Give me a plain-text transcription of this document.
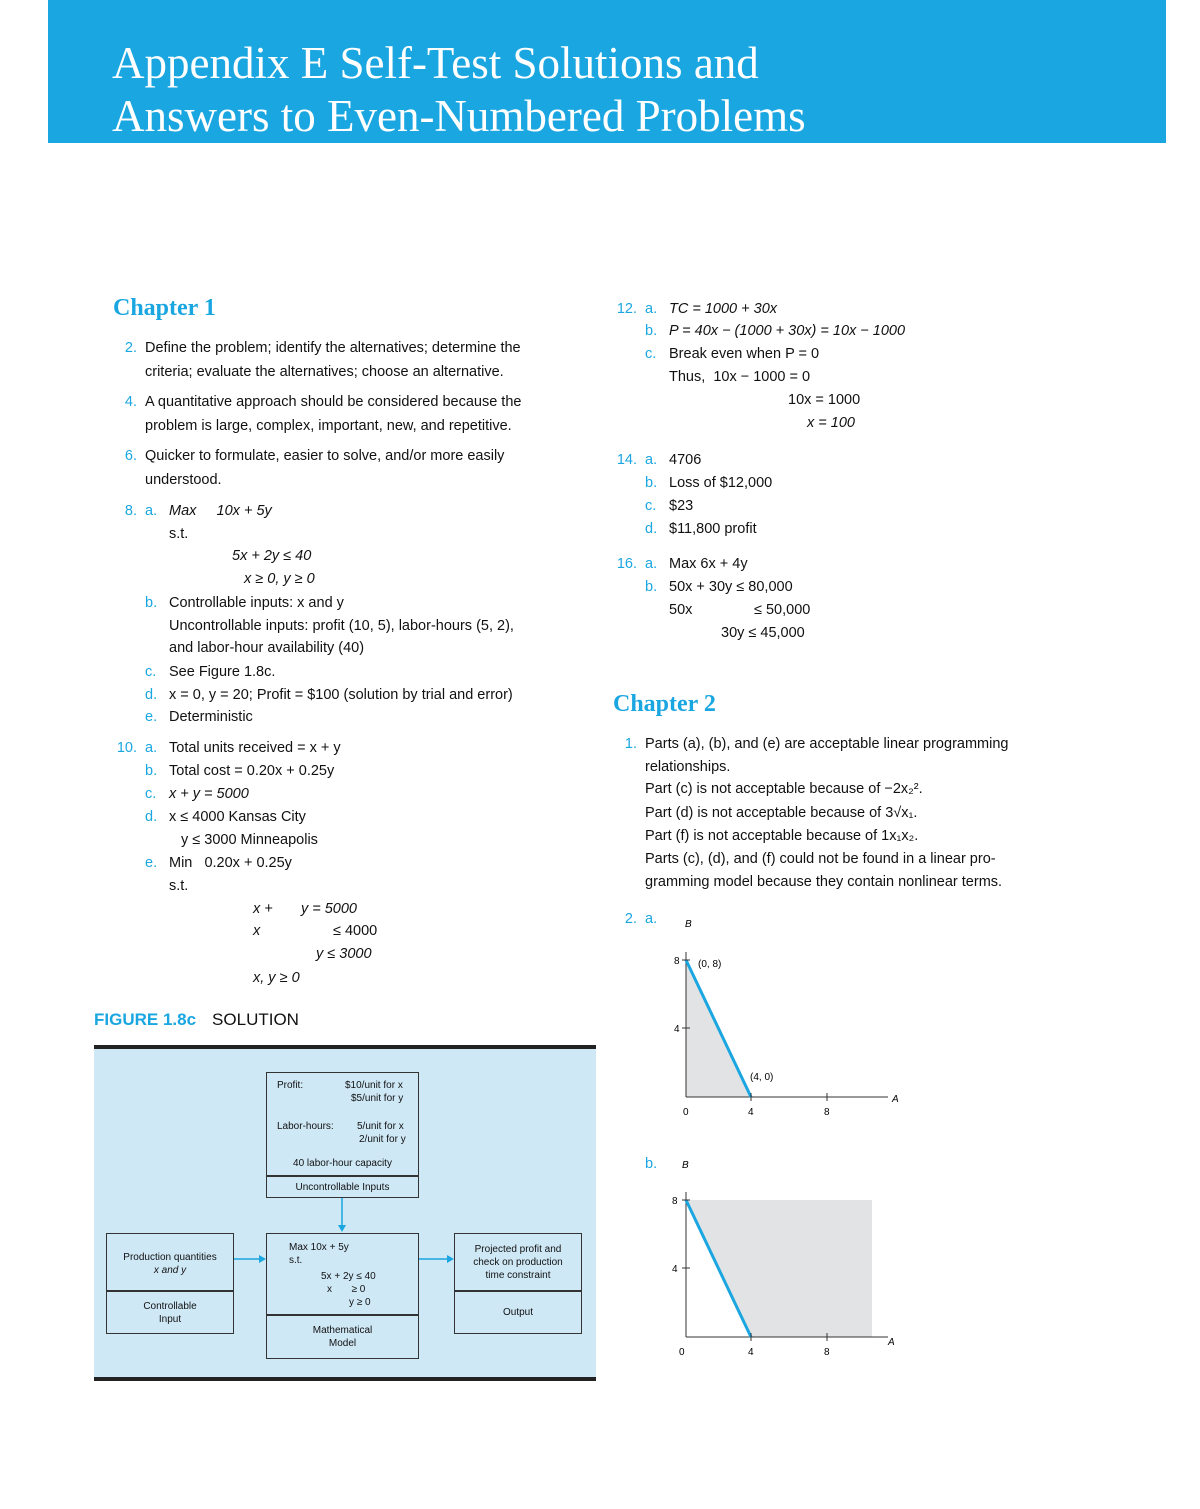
Appendix E Self-Test Solutions and
Answers to Even-Numbered Problems
Chapter 1
2. Define the problem; identify the alternatives; determine the
criteria; evaluate the alternatives; choose an alternative.
4. A quantitative approach should be considered because the
problem is large, complex, important, new, and repetitive.
6. Quicker to formulate, easier to solve, and/or more easily
understood.
8. a. Max     10x + 5y
s.t.
5x + 2y ≤ 40
x ≥ 0, y ≥ 0
b. Controllable inputs: x and y
Uncontrollable inputs: profit (10, 5), labor-hours (5, 2),
and labor-hour availability (40)
c. See Figure 1.8c.
d. x = 0, y = 20; Profit = $100 (solution by trial and error)
e. Deterministic
10. a. Total units received = x + y
b. Total cost = 0.20x + 0.25y
c. x + y = 5000
d. x ≤ 4000 Kansas City
y ≤ 3000 Minneapolis
e. Min   0.20x + 0.25y
s.t.
x +       y = 5000
x	≤ 4000
y ≤ 3000
x, y ≥ 0
FIGURE 1.8c SOLUTION
Profit:	$10/unit for x
$5/unit for y
Labor-hours: 5/unit for x
2/unit for y
40 labor-hour capacity
Uncontrollable Inputs
Production quantities
x and y
Controllable
Input
Max 10x + 5y
s.t.
5x + 2y ≤ 40
x       ≥ 0
y ≥ 0
Mathematical
Model
Projected profit and
check on production
time constraint
Output
12. a. TC = 1000 + 30x
b. P = 40x − (1000 + 30x) = 10x − 1000
c. Break even when P = 0
Thus,  10x − 1000 = 0
10x = 1000
x = 100
14. a. 4706
b. Loss of $12,000
c. $23
d. $11,800 profit
16. a. Max 6x + 4y
b. 50x + 30y ≤ 80,000
50x	≤ 50,000
30y ≤ 45,000
Chapter 2
1. Parts (a), (b), and (e) are acceptable linear programming
relationships.
Part (c) is not acceptable because of −2x₂².
Part (d) is not acceptable because of 3√x₁.
Part (f) is not acceptable because of 1x₁x₂.
Parts (c), (d), and (f) could not be found in a linear pro-
gramming model because they contain nonlinear terms.
2. a.	B
A
8
4
0	4	8
(0, 8)
(4, 0)
b. B
A
8
4
0	4	8
